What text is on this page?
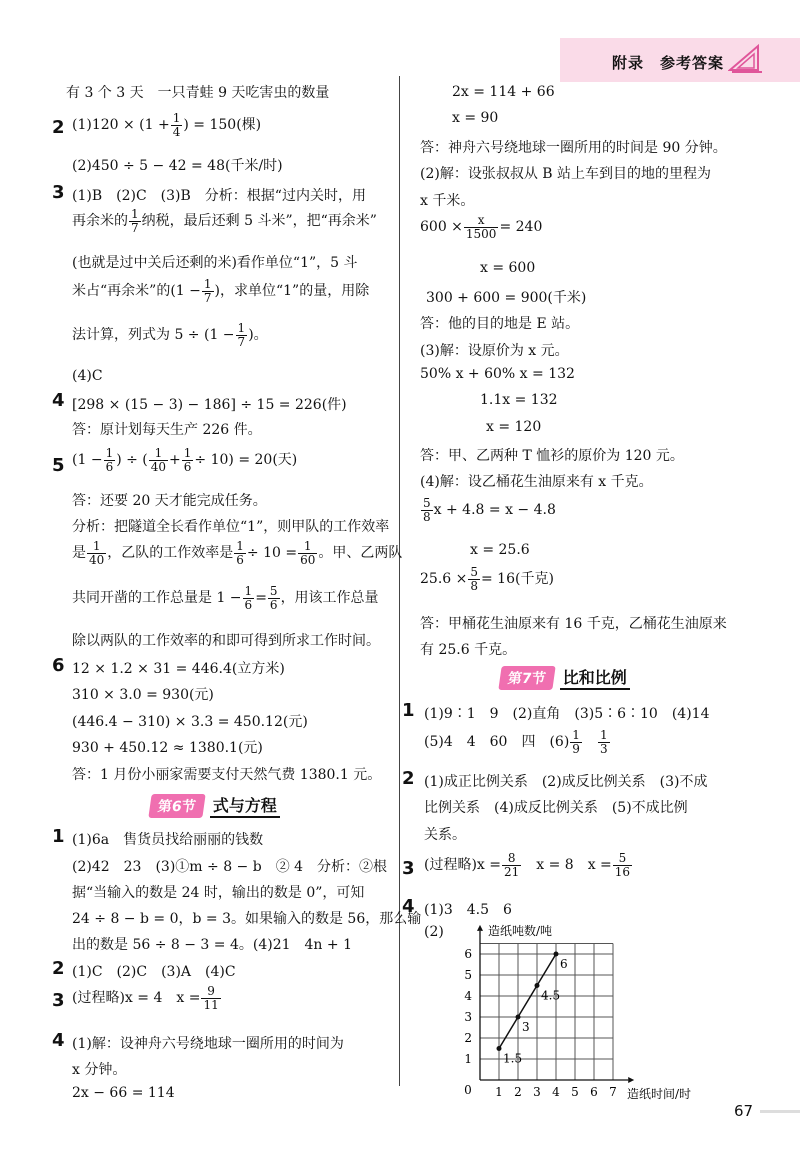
附录　参考答案
有 3 个 3 天　一只青蛙 9 天吃害虫的数量
2 $(1)120 \times (1 + \frac{1}{4}$ ) = 150(棵)
(2)450 ÷ 5 − 42 = 48(千米/时)
3 (1)B　(2)C　(3)B　分析：根据“过内关时，用
再余米的 $\frac{1}{7}$ 纳税，最后还剩 5 斗米”，把“再余米”
(也就是过中关后还剩的米)看作单位“1”，5 斗
米占“再余米”的($1 - \frac{1}{7}$ )，求单位“1”的量，用除
法计算，列式为 $5 \div (1 - \frac{1}{7}$ )。
(4)C
4 [298 × (15 − 3) − 186] ÷ 15 = 226(件)
答：原计划每天生产 226 件。
5 ($1 - \frac{1}{6}$ ) ÷ ( $\frac{1}{40} + \frac{1}{6} \div 10) = 20$(天)
答：还要 20 天才能完成任务。
分析：把隧道全长看作单位“1”，则甲队的工作效率
是 $\frac{1}{40}$ ，乙队的工作效率是 $\frac{1}{6} \div 10 = \frac{1}{60}$ 。甲、乙两队
共同开凿的工作总量是 $1 - \frac{1}{6} = \frac{5}{6}$ ，用该工作总量
除以两队的工作效率的和即可得到所求工作时间。
6 12 × 1.2 × 31 = 446.4(立方米)
310 × 3.0 = 930(元)
(446.4 − 310) × 3.3 = 450.12(元)
930 + 450.12 ≈ 1380.1(元)
答：1 月份小丽家需要支付天然气费 1380.1 元。
第6节	式与方程
1 (1)6a　售货员找给丽丽的钱数
(2)42　23　(3)①m ÷ 8 − b　② 4　分析：②根
据“当输入的数是 24 时，输出的数是 0”，可知
24 ÷ 8 − b = 0，b = 3。如果输入的数是 56，那么输
出的数是 56 ÷ 8 − 3 = 4。(4)21　4n + 1
2 (1)C　(2)C　(3)A　(4)C
3 (过程略)x = 4　$x = \frac{9}{11}$
4 (1)解：设神舟六号绕地球一圈所用的时间为
x 分钟。
2x − 66 = 114
2x = 114 + 66
x = 90
答：神舟六号绕地球一圈所用的时间是 90 分钟。
(2)解：设张叔叔从 B 站上车到目的地的里程为
x 千米。
$600 \times \frac{x}{1500} = 240$
x = 600
300 + 600 = 900(千米)
答：他的目的地是 E 站。
(3)解：设原价为 x 元。
50% x + 60% x = 132
1.1x = 132
x = 120
答：甲、乙两种 T 恤衫的原价为 120 元。
(4)解：设乙桶花生油原来有 x 千克。
$\frac{5}{8}$ x + 4.8 = x − 4.8
x = 25.6
$25.6 \times \frac{5}{8} = 16$(千克)
答：甲桶花生油原来有 16 千克，乙桶花生油原来
有 25.6 千克。
第7节	比和比例
1 (1)9∶1　9　(2)直角　(3)5∶6∶10　(4)14
(5)4　4　60　四　$(6) \frac{1}{9}$
　 $\frac{1}{3}$
2 (1)成正比例关系　(2)成反比例关系　(3)不成
比例关系　(4)成反比例关系　(5)不成比例
关系。
3 (过程略)$x = \frac{8}{21}$
　 x = 8　$x = \frac{5}{16}$
4 (1)3　4.5　6
(2)	造纸吨数/吨
造纸时间/时
0 1 2 3 4 5 6 7
1
2
3
4
5
6
1.5
3
4.5
6
67
